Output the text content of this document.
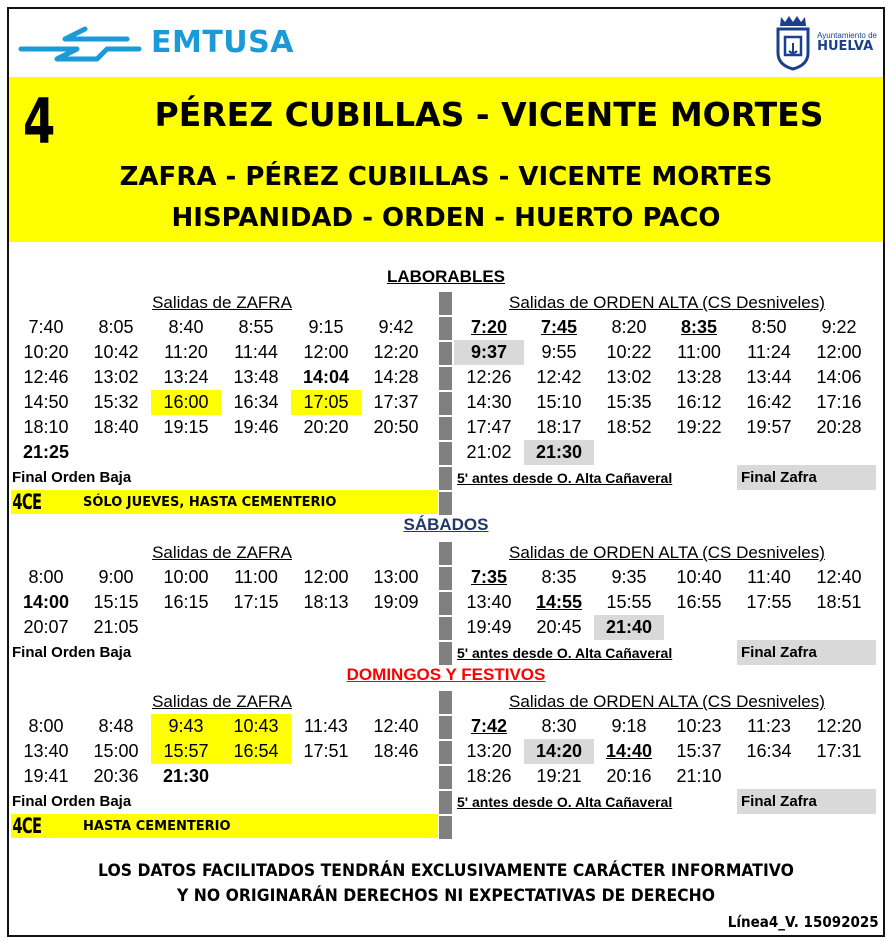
EMTUSA	Ayuntamiento de
HUELVA
4	PÉREZ CUBILLAS - VICENTE MORTES
ZAFRA - PÉREZ CUBILLAS - VICENTE MORTES
HISPANIDAD - ORDEN - HUERTO PACO
LABORABLES
Salidas de ZAFRA
7:40	8:05	8:40	8:55	9:15	9:42
10:20	10:42	11:20	11:44	12:00	12:20
12:46	13:02	13:24	13:48	14:04	14:28
14:50	15:32	16:00	16:34	17:05	17:37
18:10	18:40	19:15	19:46	20:20	20:50
21:25
Final Orden Baja
4CE	SÓLO JUEVES, HASTA CEMENTERIO
Salidas de ORDEN ALTA (CS Desniveles)
7:20	7:45	8:20	8:35	8:50	9:22
9:37	9:55	10:22	11:00	11:24	12:00
12:26	12:42	13:02	13:28	13:44	14:06
14:30	15:10	15:35	16:12	16:42	17:16
17:47	18:17	18:52	19:22	19:57	20:28
21:02	21:30
5' antes desde O. Alta Cañaveral	Final Zafra
SÁBADOS
Salidas de ZAFRA
8:00	9:00	10:00	11:00	12:00	13:00
14:00	15:15	16:15	17:15	18:13	19:09
20:07	21:05
Final Orden Baja
Salidas de ORDEN ALTA (CS Desniveles)
7:35	8:35	9:35	10:40	11:40	12:40
13:40	14:55	15:55	16:55	17:55	18:51
19:49	20:45	21:40
5' antes desde O. Alta Cañaveral	Final Zafra
DOMINGOS Y FESTIVOS
Salidas de ZAFRA
8:00	8:48	9:43	10:43	11:43	12:40
13:40	15:00	15:57	16:54	17:51	18:46
19:41	20:36	21:30
Final Orden Baja
4CE	HASTA CEMENTERIO
Salidas de ORDEN ALTA (CS Desniveles)
7:42	8:30	9:18	10:23	11:23	12:20
13:20	14:20	14:40	15:37	16:34	17:31
18:26	19:21	20:16	21:10
5' antes desde O. Alta Cañaveral	Final Zafra
LOS DATOS FACILITADOS TENDRÁN EXCLUSIVAMENTE CARÁCTER INFORMATIVO
Y NO ORIGINARÁN DERECHOS NI EXPECTATIVAS DE DERECHO
Línea4_V. 15092025
